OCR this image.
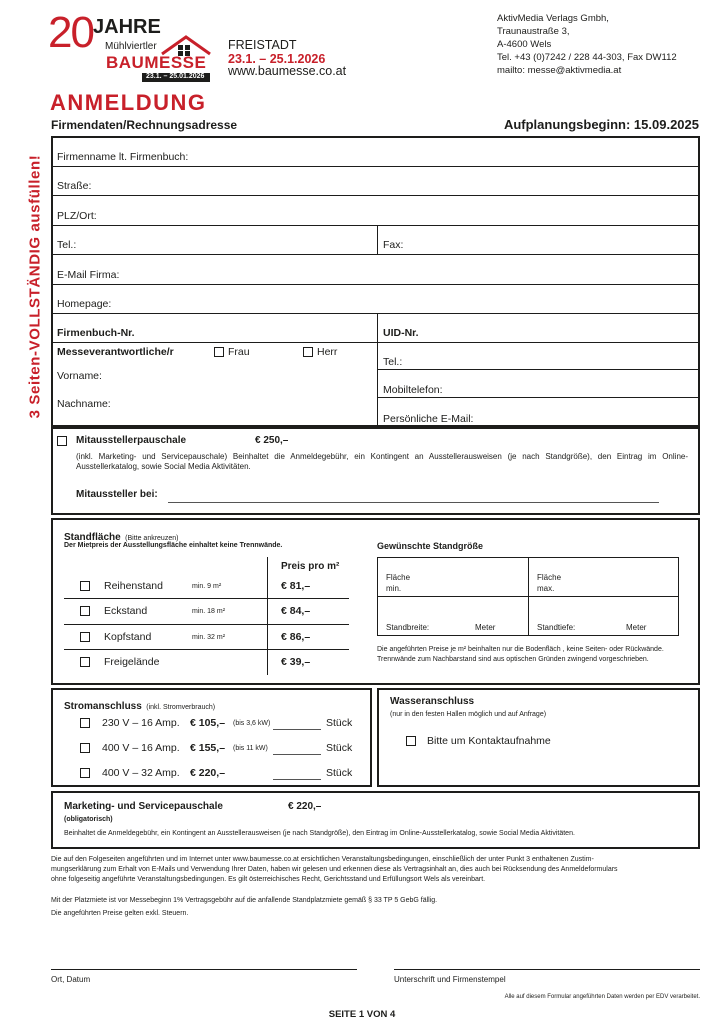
20 JAHRE
Mühlviertler
BAUMESSE
23.1. – 25.01.2026
FREISTADT
23.1. – 25.1.2026
www.baumesse.co.at
AktivMedia Verlags Gmbh,
Traunaustraße 3,
A-4600 Wels
Tel. +43 (0)7242 / 228 44-303, Fax DW112
mailto: messe@aktivmedia.at
3 Seiten-VOLLSTÄNDIG ausfüllen!
ANMELDUNG
Firmendaten/Rechnungsadresse	Aufplanungsbeginn: 15.09.2025
Firmenname lt. Firmenbuch:
Straße:
PLZ/Ort:
Tel.:	Fax:
E-Mail Firma:
Homepage:
Firmenbuch-Nr.	UID-Nr.
Messeverantwortliche/r	Frau	Herr
Vorname:
Nachname:
Tel.:
Mobiltelefon:
Persönliche E-Mail:
Mitausstellerpauschale	€ 250,–
(inkl. Marketing- und Servicepauschale) Beinhaltet die Anmeldegebühr, ein Kontingent an Ausstellerausweisen (je nach Standgröße), den Eintrag im Online-Ausstellerkatalog, sowie Social Media Aktivitäten.
Mitaussteller bei:
Standfläche (Bitte ankreuzen)
Der Mietpreis der Ausstellungsfläche einhaltet keine Trennwände.
Preis pro m²
Reihenstand	min. 9 m²	€ 81,–
Eckstand	min. 18 m²	€ 84,–
Kopfstand	min. 32 m²	€ 86,–
Freigelände	€ 39,–
Gewünschte Standgröße
Fläche
min.
Fläche
max.
Standbreite:	Meter	Standtiefe:	Meter
Die angeführten Preise je m² beinhalten nur die Bodenfläch , keine Seiten- oder Rückwände. Trennwände zum Nachbarstand sind aus optischen Gründen zwingend vorgeschrieben.
Stromanschluss (inkl. Stromverbrauch)
230 V – 16 Amp. € 105,– (bis 3,6 kW)	Stück
400 V – 16 Amp. € 155,– (bis 11 kW)	Stück
400 V – 32 Amp. € 220,–	Stück
Wasseranschluss
(nur in den festen Hallen möglich und auf Anfrage)
Bitte um Kontaktaufnahme
Marketing- und Servicepauschale	€ 220,–
(obligatorisch)
Beinhaltet die Anmeldegebühr, ein Kontingent an Ausstellerausweisen (je nach Standgröße), den Eintrag im Online-Ausstellerkatalog, sowie Social Media Aktivitäten.
Die auf den Folgeseiten angeführten und im Internet unter www.baumesse.co.at ersichtlichen Veranstaltungsbedingungen, einschließlich der unter Punkt 3 enthaltenen Zustim-
mungserklärung zum Erhalt von E-Mails und Verwendung Ihrer Daten, haben wir gelesen und erkennen diese als Vertragsinhalt an, dies auch bei Rücksendung des Anmeldeformulars
ohne folgeseitig angeführte Veranstaltungsbedingungen. Es gilt österreichisches Recht, Gerichtsstand und Erfüllungsort Wels als vereinbart.
Mit der Platzmiete ist vor Messebeginn 1% Vertragsgebühr auf die anfallende Standplatzmiete gemäß § 33 TP 5 GebG fällig.
Die angeführten Preise gelten exkl. Steuern.
Ort, Datum	Unterschrift und Firmenstempel
Alle auf diesem Formular angeführten Daten werden per EDV verarbeitet.
SEITE 1 VON 4
